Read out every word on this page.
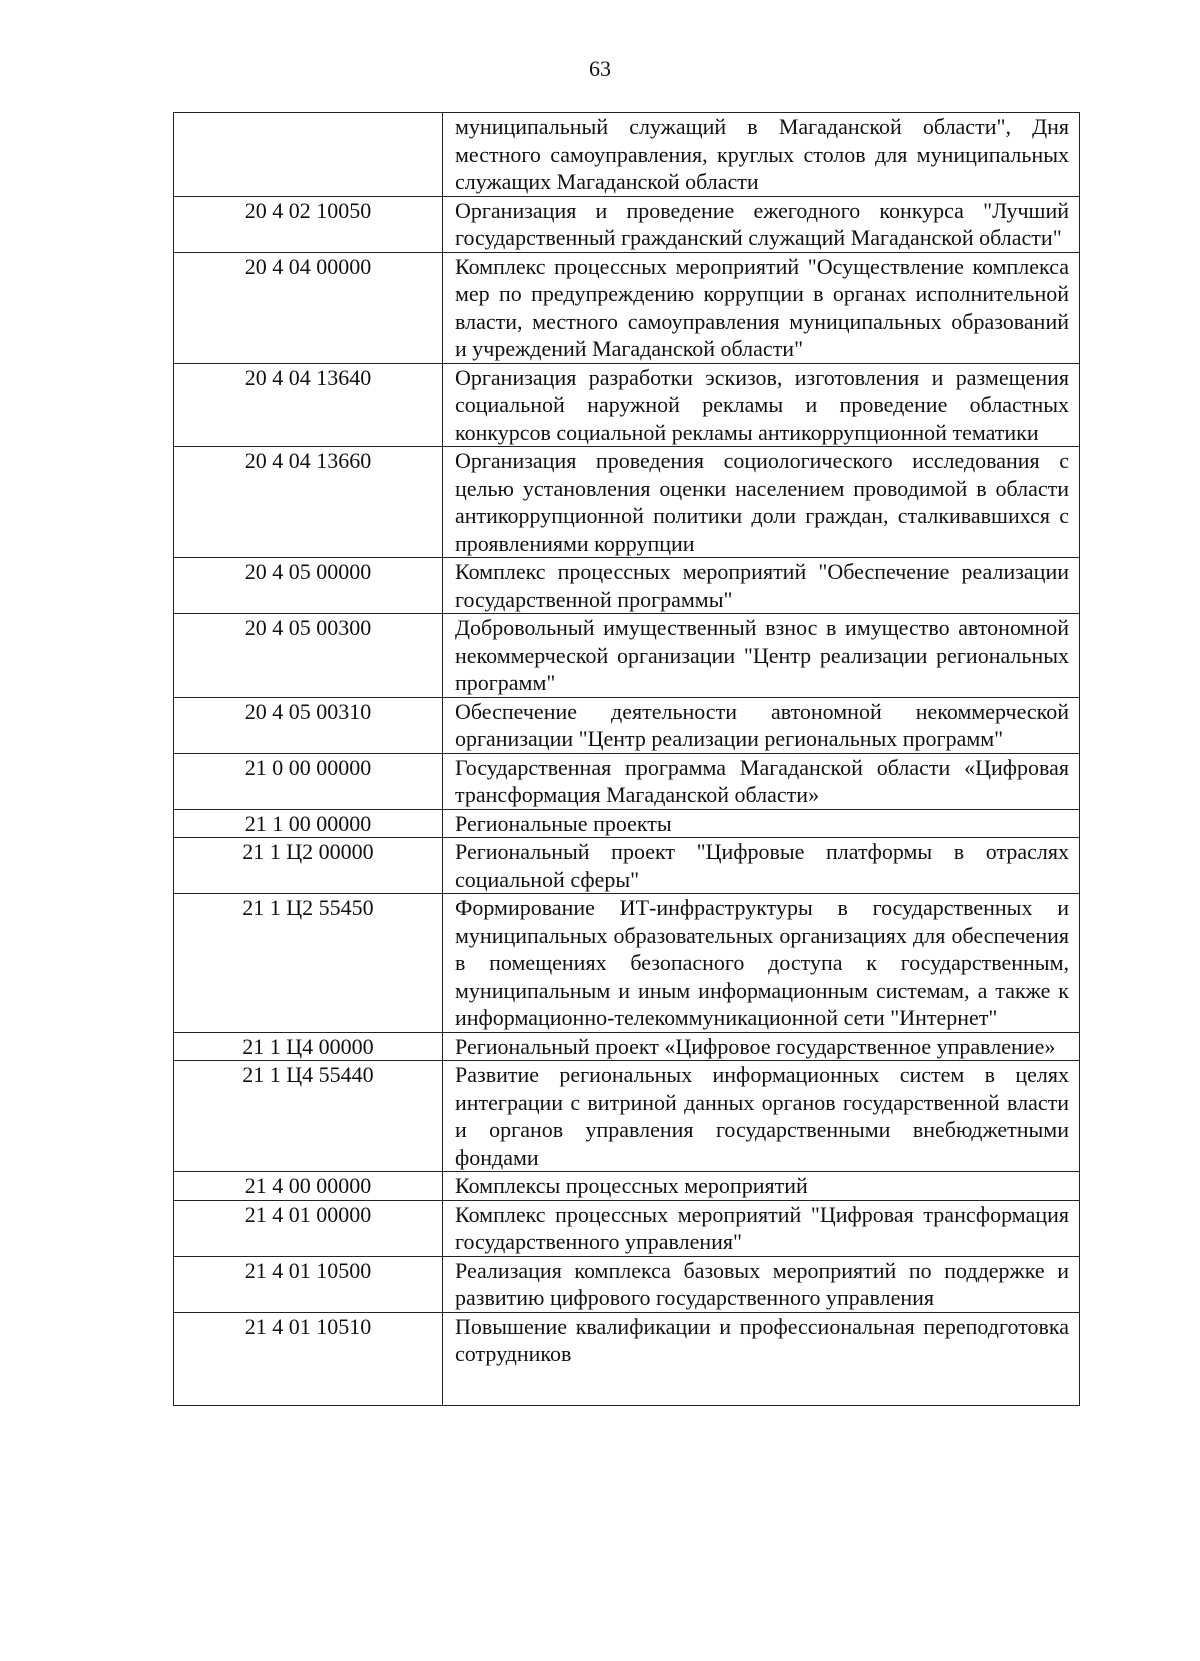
63
	муниципальный служащий в Магаданской области", Дня местного самоуправления, круглых столов для муниципальных служащих Магаданской области
20 4 02 10050	Организация и проведение ежегодного конкурса "Лучший государственный гражданский служащий Магаданской области"
20 4 04 00000	Комплекс процессных мероприятий "Осуществление комплекса мер по предупреждению коррупции в органах исполнительной власти, местного самоуправления муниципальных образований и учреждений Магаданской области"
20 4 04 13640	Организация разработки эскизов, изготовления и размещения социальной наружной рекламы и проведение областных конкурсов социальной рекламы антикоррупционной тематики
20 4 04 13660	Организация проведения социологического исследования с целью установления оценки населением проводимой в области антикоррупционной политики доли граждан, сталкивавшихся с проявлениями коррупции
20 4 05 00000	Комплекс процессных мероприятий "Обеспечение реализации государственной программы"
20 4 05 00300	Добровольный имущественный взнос в имущество автономной некоммерческой организации "Центр реализации региональных программ"
20 4 05 00310	Обеспечение деятельности автономной некоммерческой организации "Центр реализации региональных программ"
21 0 00 00000	Государственная программа Магаданской области «Цифровая трансформация Магаданской области»
21 1 00 00000	Региональные проекты
21 1 Ц2 00000	Региональный проект "Цифровые платформы в отраслях социальной сферы"
21 1 Ц2 55450	Формирование ИТ-инфраструктуры в государственных и муниципальных образовательных организациях для обеспечения в помещениях безопасного доступа к государственным, муниципальным и иным информационным системам, а также к информационно-телекоммуникационной сети "Интернет"
21 1 Ц4 00000	Региональный проект «Цифровое государственное управление»
21 1 Ц4 55440	Развитие региональных информационных систем в целях интеграции с витриной данных органов государственной власти и органов управления государственными внебюджетными фондами
21 4 00 00000	Комплексы процессных мероприятий
21 4 01 00000	Комплекс процессных мероприятий "Цифровая трансформация государственного управления"
21 4 01 10500	Реализация комплекса базовых мероприятий по поддержке и развитию цифрового государственного управления
21 4 01 10510	Повышение квалификации и профессиональная переподготовка сотрудников
